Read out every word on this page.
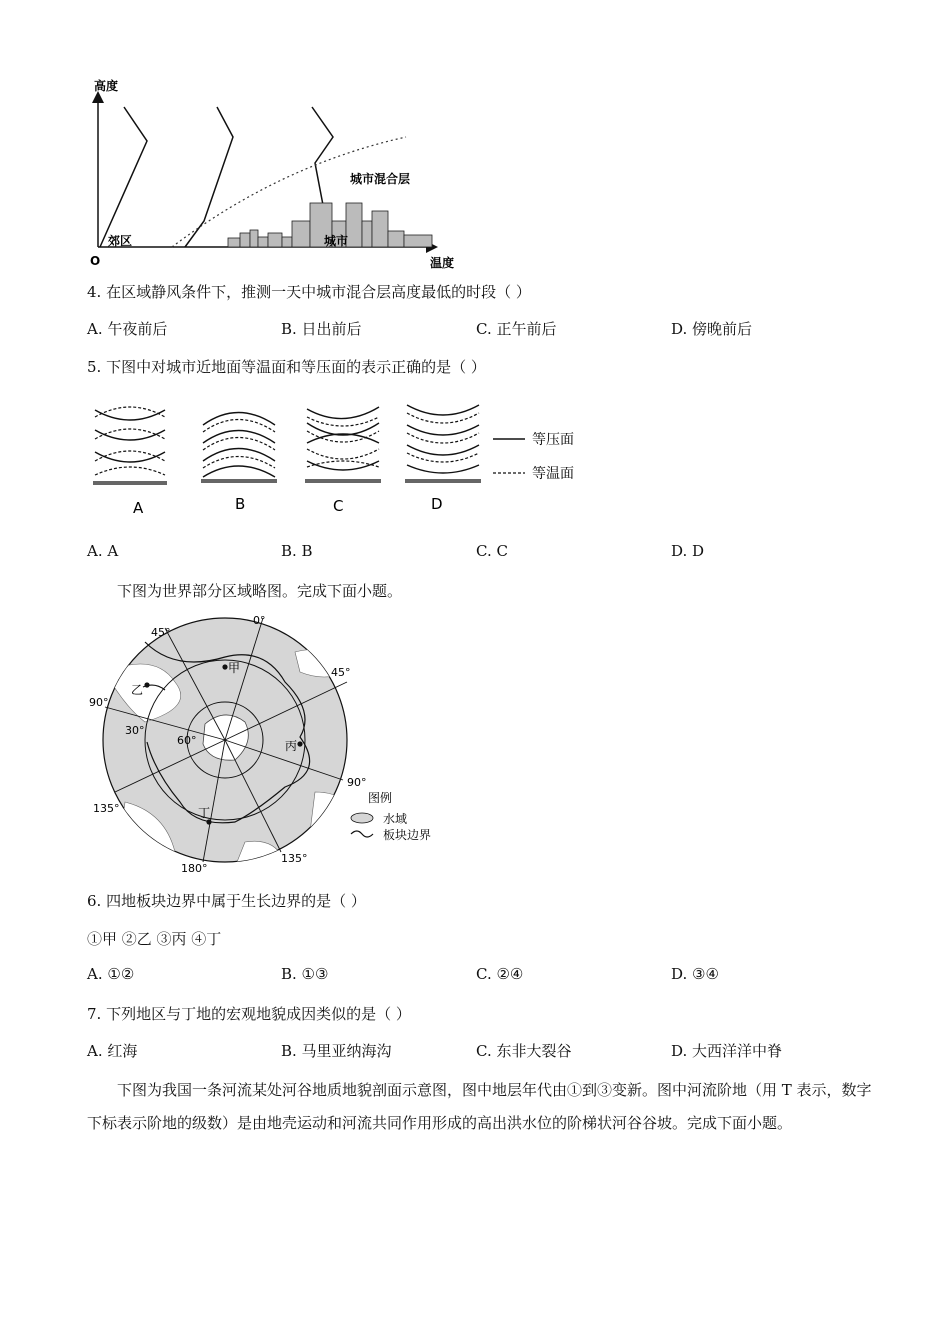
高度
温度
O
郊区	城市
城市混合层
4. 在区域静风条件下，推测一天中城市混合层高度最低的时段（ ）
A. 午夜前后	B. 日出前后	C. 正午前后	D. 傍晚前后
5. 下图中对城市近地面等温面和等压面的表示正确的是（ ）
A	B	C	D
等压面
等温面
A. A	B. B	C. C	D. D
下图为世界部分区域略图。完成下面小题。
甲
乙
丙
丁
0°
45°
45°
90°
90°
30°
60°
135°
135°
180°
图例
水域
板块边界
6. 四地板块边界中属于生长边界的是（ ）
①甲 ②乙 ③丙 ④丁
A. ①②	B. ①③	C. ②④	D. ③④
7. 下列地区与丁地的宏观地貌成因类似的是（ ）
A. 红海	B. 马里亚纳海沟	C. 东非大裂谷	D. 大西洋洋中脊
下图为我国一条河流某处河谷地质地貌剖面示意图，图中地层年代由①到③变新。图中河流阶地（用 T 表示，数字下标表示阶地的级数）是由地壳运动和河流共同作用形成的高出洪水位的阶梯状河谷谷坡。完成下面小题。
